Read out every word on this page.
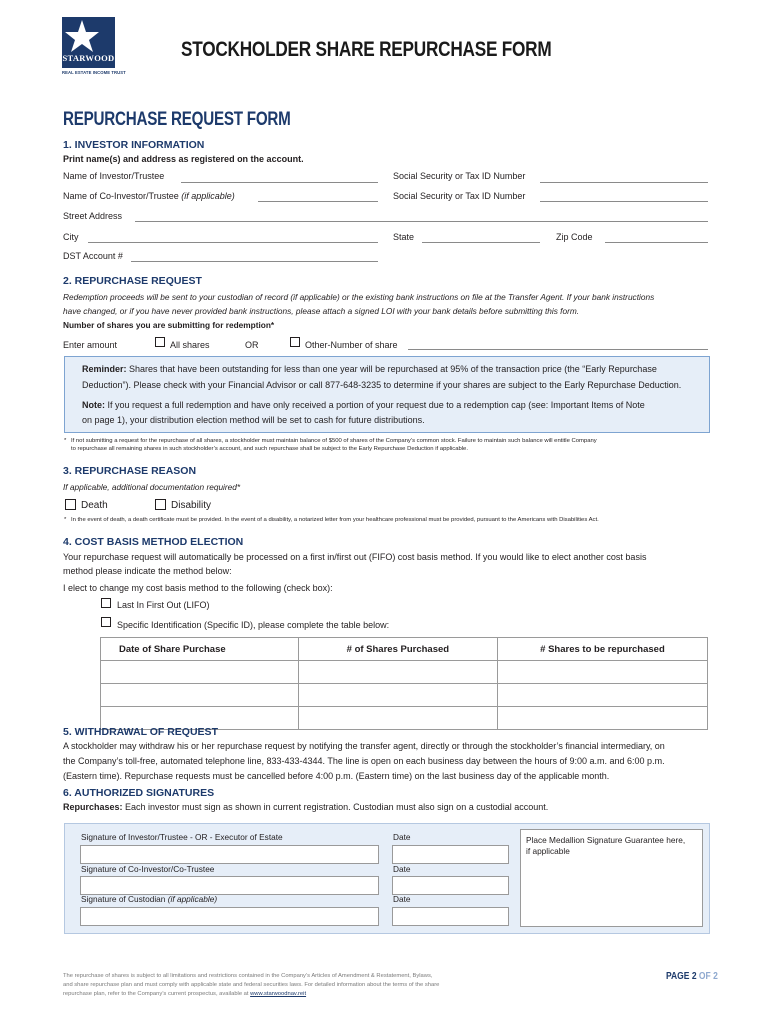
STARWOOD
REAL ESTATE INCOME TRUST
STOCKHOLDER SHARE REPURCHASE FORM
REPURCHASE REQUEST FORM
1. INVESTOR INFORMATION
Print name(s) and address as registered on the account.
Name of Investor/Trustee	Social Security or Tax ID Number
Name of Co-Investor/Trustee (if applicable)	Social Security or Tax ID Number
Street Address
City	State	Zip Code
DST Account #
2. REPURCHASE REQUEST
Redemption proceeds will be sent to your custodian of record (if applicable) or the existing bank instructions on file at the Transfer Agent. If your bank instructions
have changed, or if you have never provided bank instructions, please attach a signed LOI with your bank details before submitting this form.
Number of shares you are submitting for redemption*
Enter amount	All shares	OR	Other-Number of share
Reminder: Shares that have been outstanding for less than one year will be repurchased at 95% of the transaction price (the “Early Repurchase
Deduction”). Please check with your Financial Advisor or call 877-648-3235 to determine if your shares are subject to the Early Repurchase Deduction.
Note: If you request a full redemption and have only received a portion of your request due to a redemption cap (see: Important Items of Note
on page 1), your distribution election method will be set to cash for future distributions.
* If not submitting a request for the repurchase of all shares, a stockholder must maintain balance of $500 of shares of the Company’s common stock. Failure to maintain such balance will entitle Company
to repurchase all remaining shares in such stockholder’s account, and such repurchase shall be subject to the Early Repurchase Deduction if applicable.
3. REPURCHASE REASON
If applicable, additional documentation required*
Death	Disability
* In the event of death, a death certificate must be provided. In the event of a disability, a notarized letter from your healthcare professional must be provided, pursuant to the Americans with Disabilities Act.
4. COST BASIS METHOD ELECTION
Your repurchase request will automatically be processed on a first in/first out (FIFO) cost basis method. If you would like to elect another cost basis
method please indicate the method below:
I elect to change my cost basis method to the following (check box):
Last In First Out (LIFO)
Specific Identification (Specific ID), please complete the table below:
Date of Share Purchase	# of Shares Purchased	# Shares to be repurchased

5. WITHDRAWAL OF REQUEST
A stockholder may withdraw his or her repurchase request by notifying the transfer agent, directly or through the stockholder’s financial intermediary, on
the Company’s toll-free, automated telephone line, 833-433-4344. The line is open on each business day between the hours of 9:00 a.m. and 6:00 p.m.
(Eastern time). Repurchase requests must be cancelled before 4:00 p.m. (Eastern time) on the last business day of the applicable month.
6. AUTHORIZED SIGNATURES
Repurchases: Each investor must sign as shown in current registration. Custodian must also sign on a custodial account.
Signature of Investor/Trustee - OR - Executor of Estate	Date
Signature of Co-Investor/Co-Trustee	Date
Signature of Custodian (if applicable)	Date
Place Medallion Signature Guarantee here,
if applicable
The repurchase of shares is subject to all limitations and restrictions contained in the Company’s Articles of Amendment & Restatement, Bylaws,
and share repurchase plan and must comply with applicable state and federal securities laws. For detailed information about the terms of the share
repurchase plan, refer to the Company’s current prospectus, available at www.starwoodnav.reit
PAGE 2 OF 2
